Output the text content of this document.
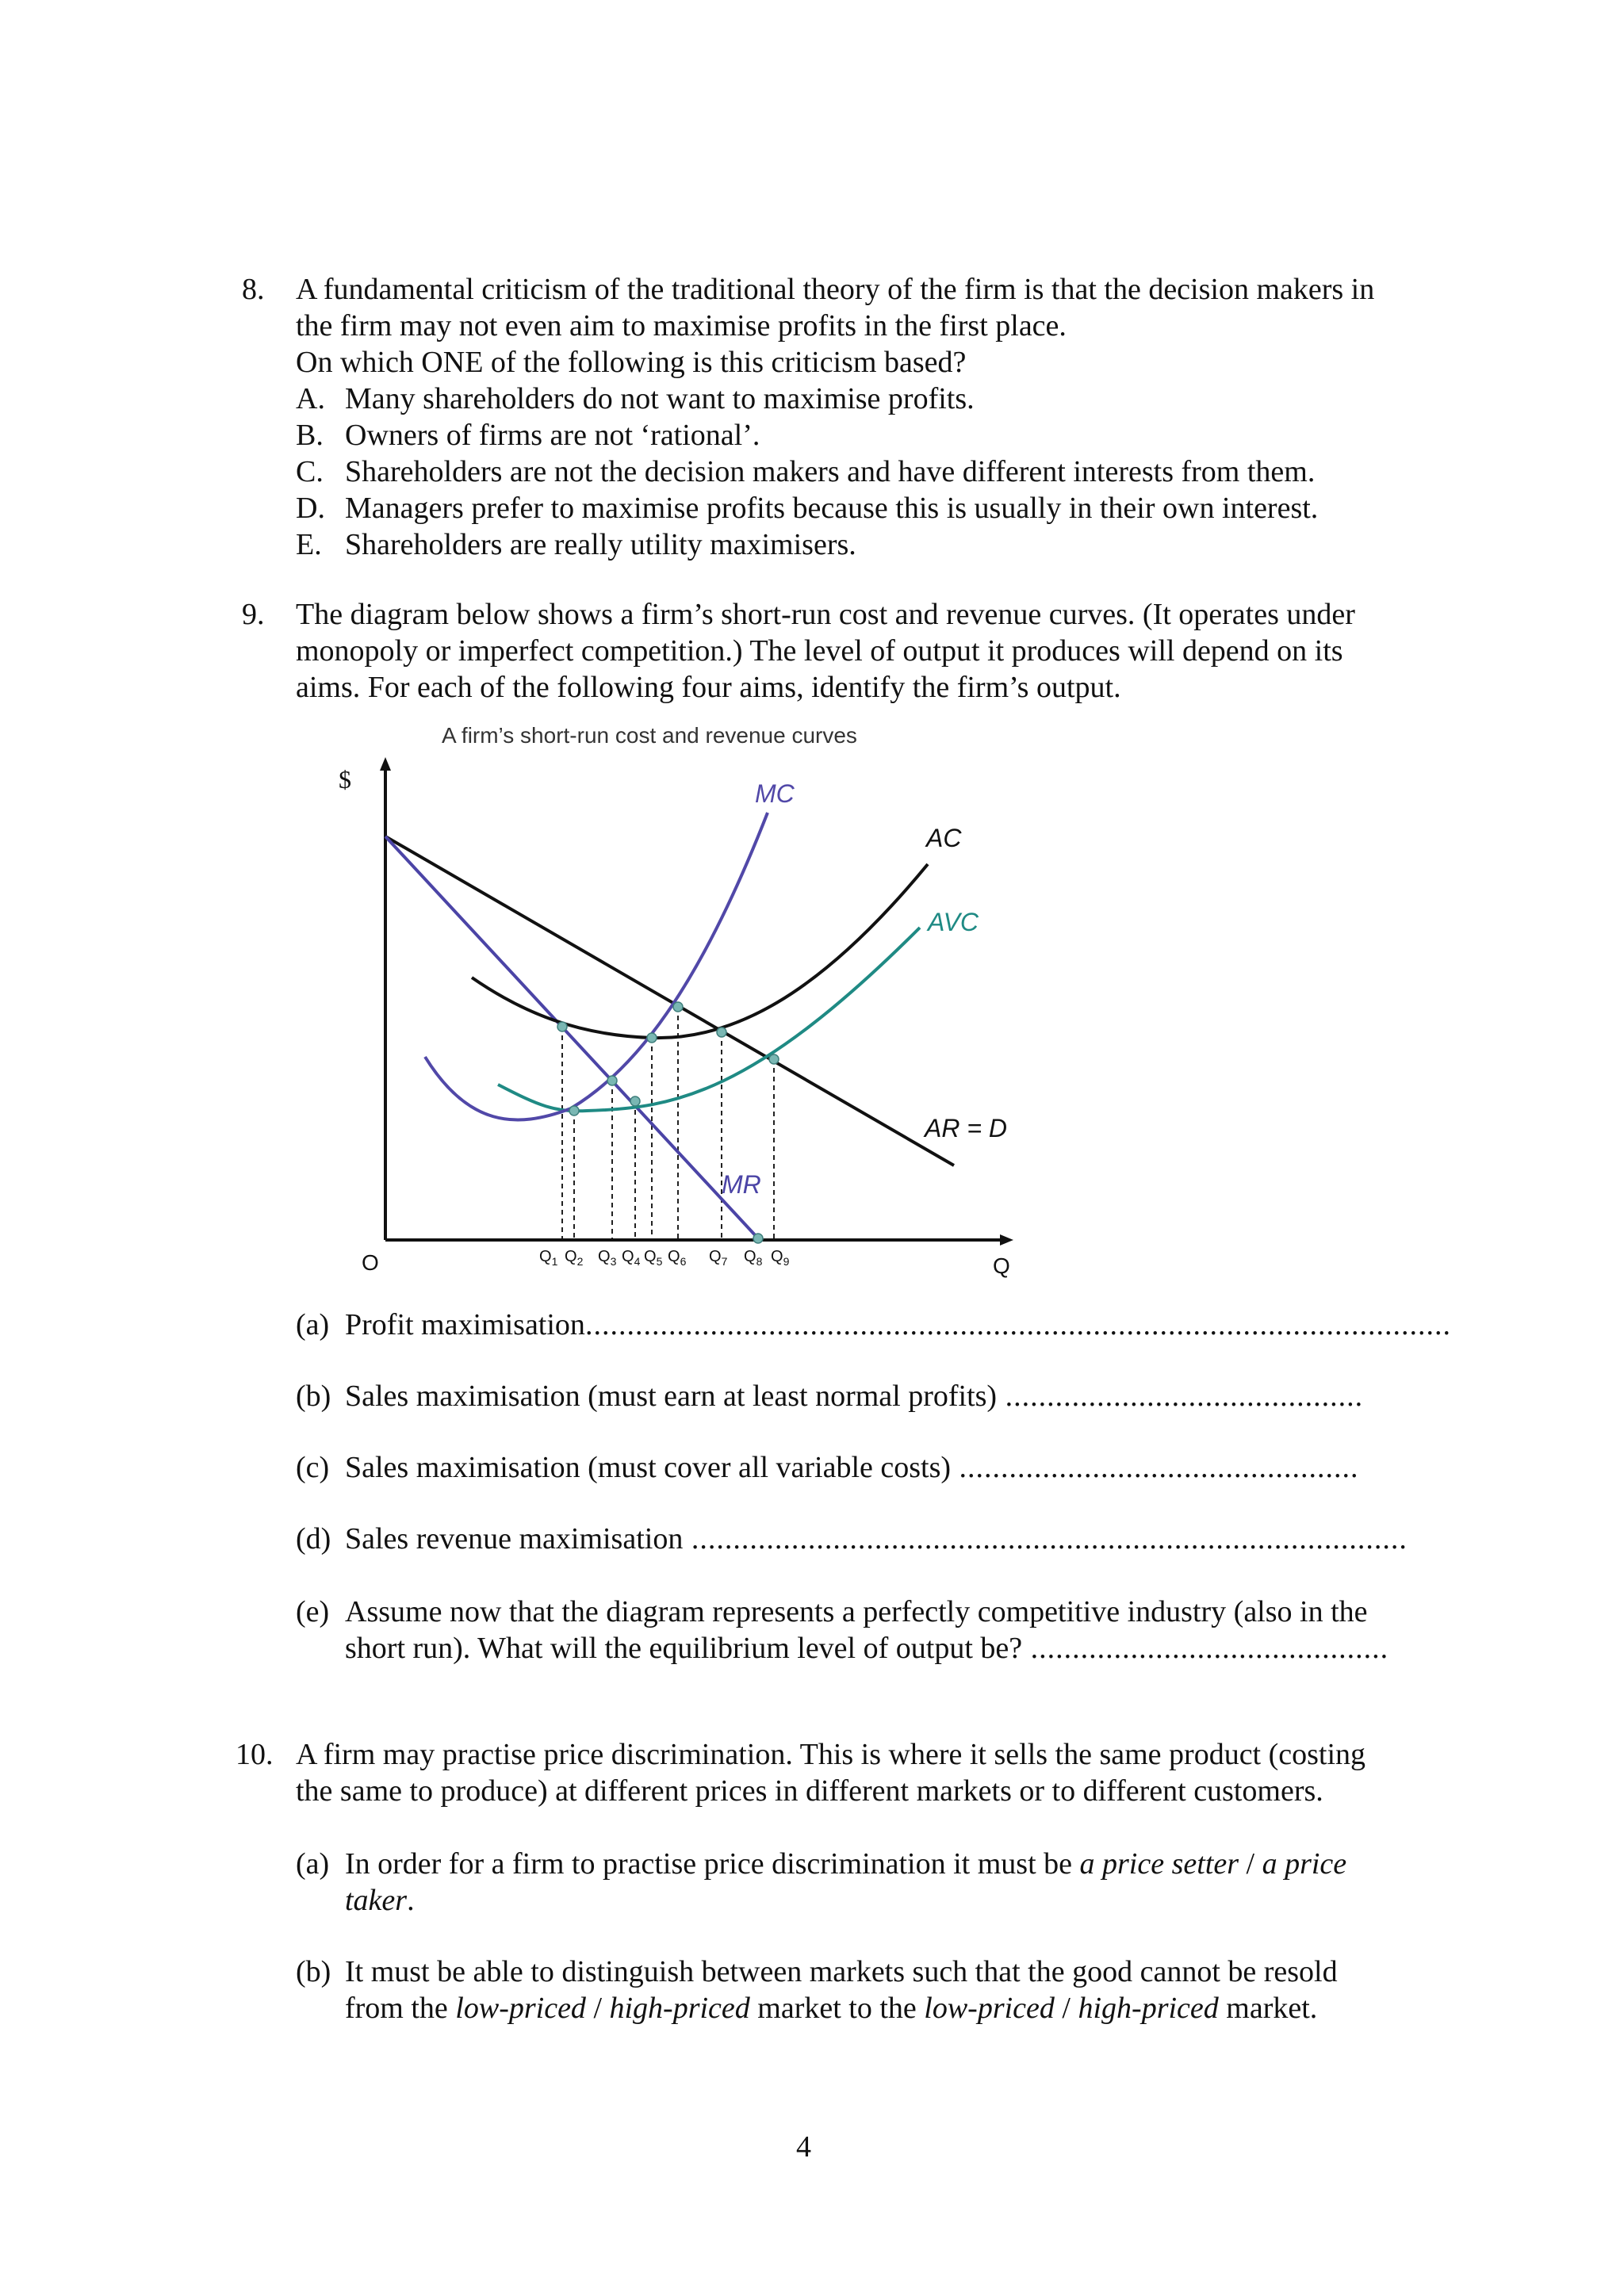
8. A fundamental criticism of the traditional theory of the firm is that the decision makers in
the firm may not even aim to maximise profits in the first place.
On which ONE of the following is this criticism based?
A. Many shareholders do not want to maximise profits.
B. Owners of firms are not ‘rational’.
C. Shareholders are not the decision makers and have different interests from them.
D. Managers prefer to maximise profits because this is usually in their own interest.
E. Shareholders are really utility maximisers.
9. The diagram below shows a firm’s short-run cost and revenue curves. (It operates under
monopoly or imperfect competition.) The level of output it produces will depend on its
aims. For each of the following four aims, identify the firm’s output.
A firm’s short-run cost and revenue curves
$
O	Q
MC
AC
AVC
AR = D
MR
$Q_1$ $Q_2$ $Q_3$ $Q_4$ $Q_5$ $Q_6$ $Q_7$ $Q_8$ $Q_9$
(a) Profit maximisation........................................................................................................
(b) Sales maximisation (must earn at least normal profits) ...........................................
(c) Sales maximisation (must cover all variable costs) ................................................
(d) Sales revenue maximisation ......................................................................................
(e) Assume now that the diagram represents a perfectly competitive industry (also in the
short run). What will the equilibrium level of output be? ...........................................
10. A firm may practise price discrimination. This is where it sells the same product (costing
the same to produce) at different prices in different markets or to different customers.
(a) In order for a firm to practise price discrimination it must be a price setter / a price
taker.
(b) It must be able to distinguish between markets such that the good cannot be resold
from the low-priced / high-priced market to the low-priced / high-priced market.
4
